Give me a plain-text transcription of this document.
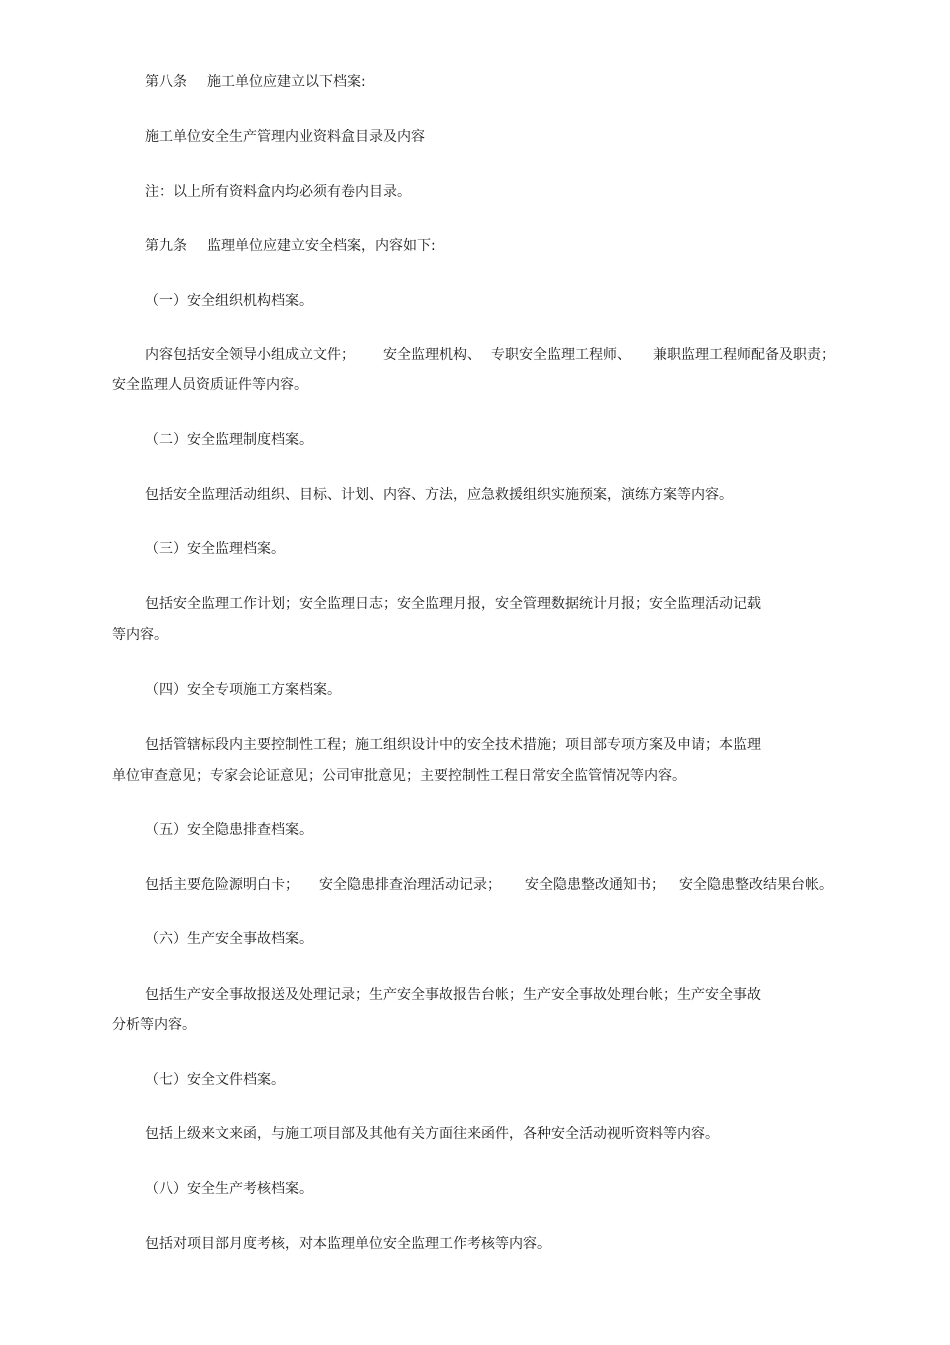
第八条 施工单位应建立以下档案:
施工单位安全生产管理内业资料盒目录及内容
注：以上所有资料盒内均必须有卷内目录。
第九条 监理单位应建立安全档案，内容如下:
（一）安全组织机构档案。
内容包括安全领导小组成立文件； 安全监理机构、 专职安全监理工程师、 兼职监理工程师配备及职责；
安全监理人员资质证件等内容。
（二）安全监理制度档案。
包括安全监理活动组织、目标、计划、内容、方法，应急救援组织实施预案，演练方案等内容。
（三）安全监理档案。
包括安全监理工作计划；安全监理日志；安全监理月报，安全管理数据统计月报；安全监理活动记载
等内容。
（四）安全专项施工方案档案。
包括管辖标段内主要控制性工程；施工组织设计中的安全技术措施；项目部专项方案及申请；本监理
单位审查意见；专家会论证意见；公司审批意见；主要控制性工程日常安全监管情况等内容。
（五）安全隐患排查档案。
包括主要危险源明白卡； 安全隐患排查治理活动记录； 安全隐患整改通知书； 安全隐患整改结果台帐。
（六）生产安全事故档案。
包括生产安全事故报送及处理记录；生产安全事故报告台帐；生产安全事故处理台帐；生产安全事故
分析等内容。
（七）安全文件档案。
包括上级来文来函，与施工项目部及其他有关方面往来函件，各种安全活动视听资料等内容。
（八）安全生产考核档案。
包括对项目部月度考核，对本监理单位安全监理工作考核等内容。
